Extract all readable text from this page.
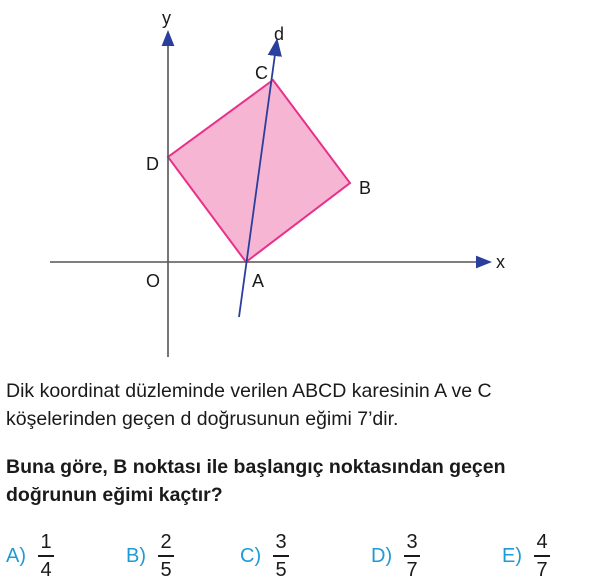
y
x
d
O	A
B
C
D

Dik koordinat düzleminde verilen ABCD karesinin A ve C

köşelerinden geçen d doğrusunun eğimi 7’dir.

Buna göre, B noktası ile başlangıç noktasından geçen

doğrunun eğimi kaçtır?

$A) \frac{1}{4}$	$B) \frac{2}{5}$	$C) \frac{3}{5}$	$D) \frac{3}{7}$	$E) \frac{4}{7}$
